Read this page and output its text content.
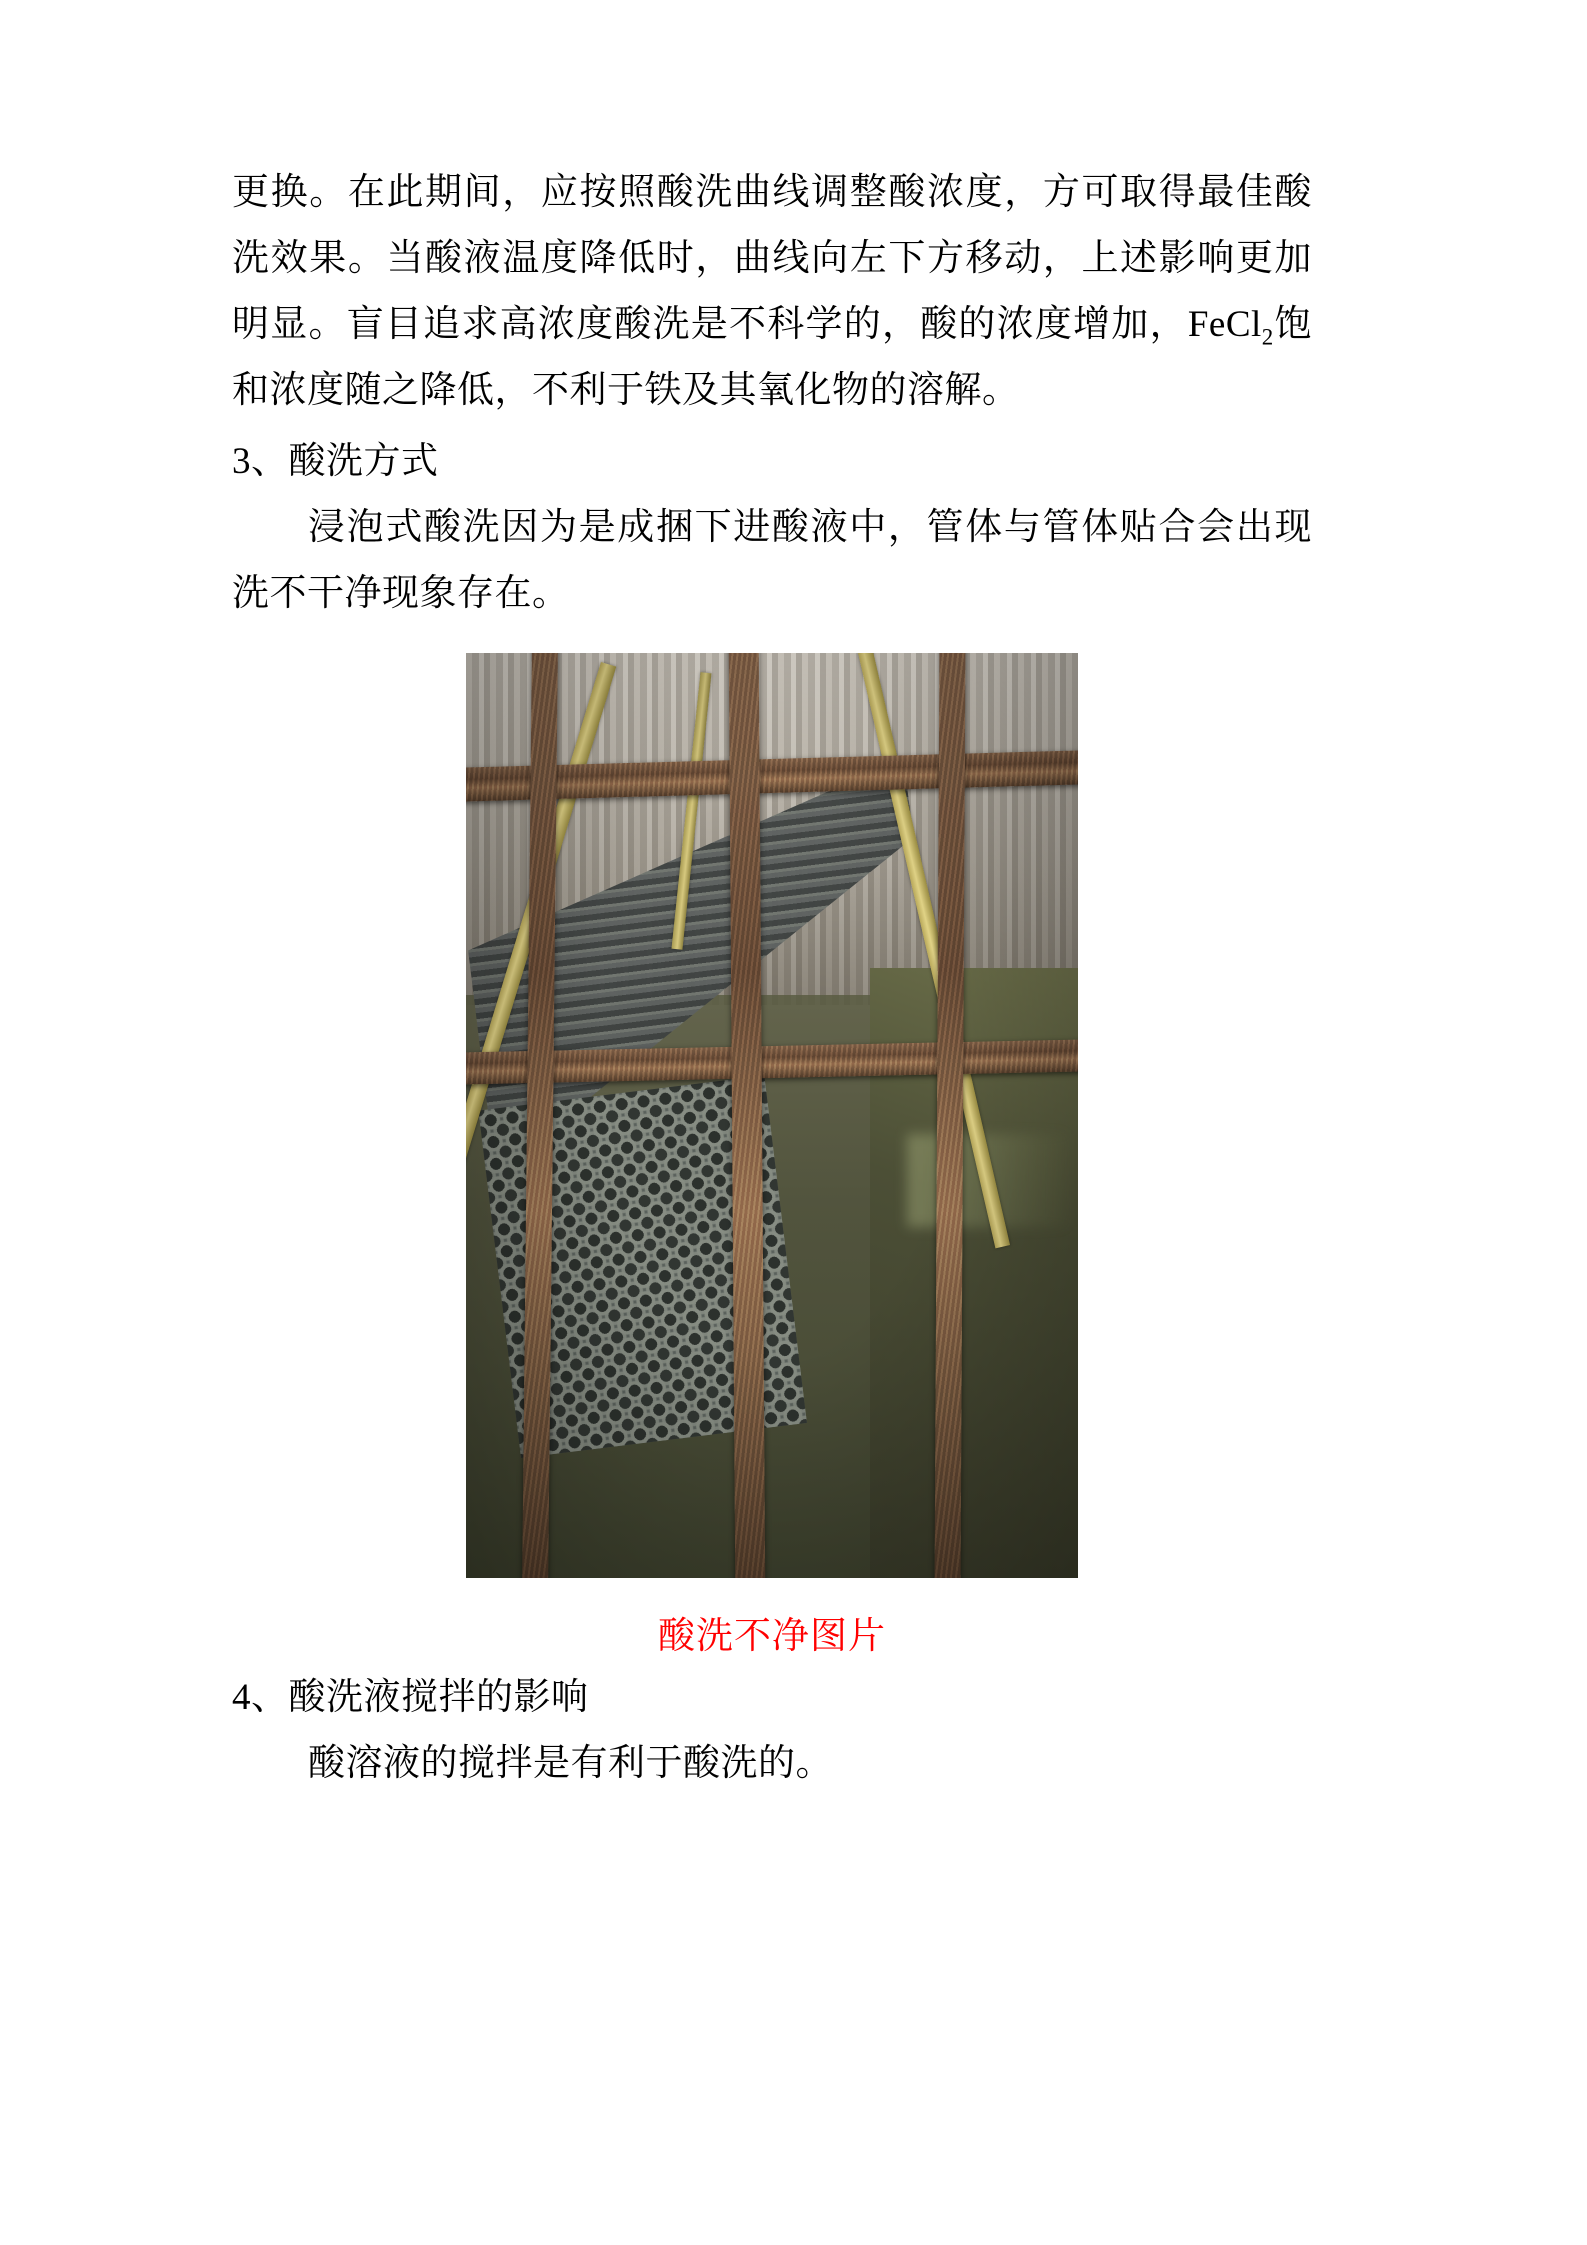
更换。在此期间，应按照酸洗曲线调整酸浓度，方可取得最佳酸洗效果。当酸液温度降低时，曲线向左下方移动，上述影响更加明显。盲目追求高浓度酸洗是不科学的，酸的浓度增加，FeCl$_2$饱和浓度随之降低，不利于铁及其氧化物的溶解。

3、酸洗方式

浸泡式酸洗因为是成捆下进酸液中，管体与管体贴合会出现洗不干净现象存在。

酸洗不净图片

4、酸洗液搅拌的影响

酸溶液的搅拌是有利于酸洗的。
